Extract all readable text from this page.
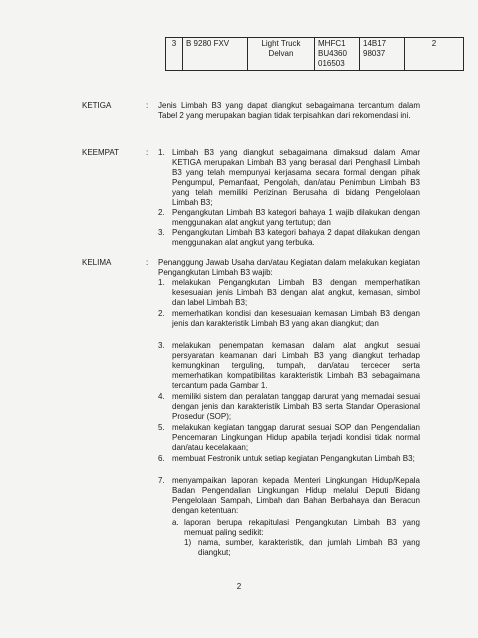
3	B 9280 FXV	Light Truck Delvan	MHFC1 BU4360 016503	14B17 98037	2
KETIGA	: Jenis Limbah B3 yang dapat diangkut sebagaimana tercantum dalam Tabel 2 yang merupakan bagian tidak terpisahkan dari rekomendasi ini.
KEEMPAT	: 1. Limbah B3 yang diangkut sebagaimana dimaksud dalam Amar KETIGA merupakan Limbah B3 yang berasal dari Penghasil Limbah B3 yang telah mempunyai kerjasama secara formal dengan pihak Pengumpul, Pemanfaat, Pengolah, dan/atau Penimbun Limbah B3 yang telah memiliki Perizinan Berusaha di bidang Pengelolaan Limbah B3;
2. Pengangkutan Limbah B3 kategori bahaya 1 wajib dilakukan dengan menggunakan alat angkut yang tertutup; dan
3. Pengangkutan Limbah B3 kategori bahaya 2 dapat dilakukan dengan menggunakan alat angkut yang terbuka.
KELIMA	: Penanggung Jawab Usaha dan/atau Kegiatan dalam melakukan kegiatan Pengangkutan Limbah B3 wajib:
1. melakukan Pengangkutan Limbah B3 dengan memperhatikan kesesuaian jenis Limbah B3 dengan alat angkut, kemasan, simbol dan label Limbah B3;
2. memerhatikan kondisi dan kesesuaian kemasan Limbah B3 dengan jenis dan karakteristik Limbah B3 yang akan diangkut; dan
3. melakukan penempatan kemasan dalam alat angkut sesuai persyaratan keamanan dari Limbah B3 yang diangkut terhadap kemungkinan terguling, tumpah, dan/atau tercecer serta memerhatikan kompatibilitas karakteristik Limbah B3 sebagaimana tercantum pada Gambar 1.
4. memiliki sistem dan peralatan tanggap darurat yang memadai sesuai dengan jenis dan karakteristik Limbah B3 serta Standar Operasional Prosedur (SOP);
5. melakukan kegiatan tanggap darurat sesuai SOP dan Pengendalian Pencemaran Lingkungan Hidup apabila terjadi kondisi tidak normal dan/atau kecelakaan;
6. membuat Festronik untuk setiap kegiatan Pengangkutan Limbah B3;
7. menyampaikan laporan kepada Menteri Lingkungan Hidup/Kepala Badan Pengendalian Lingkungan Hidup melalui Deputi Bidang Pengelolaan Sampah, Limbah dan Bahan Berbahaya dan Beracun dengan ketentuan:
a. laporan berupa rekapitulasi Pengangkutan Limbah B3 yang memuat paling sedikit:
1) nama, sumber, karakteristik, dan jumlah Limbah B3 yang diangkut;
2
